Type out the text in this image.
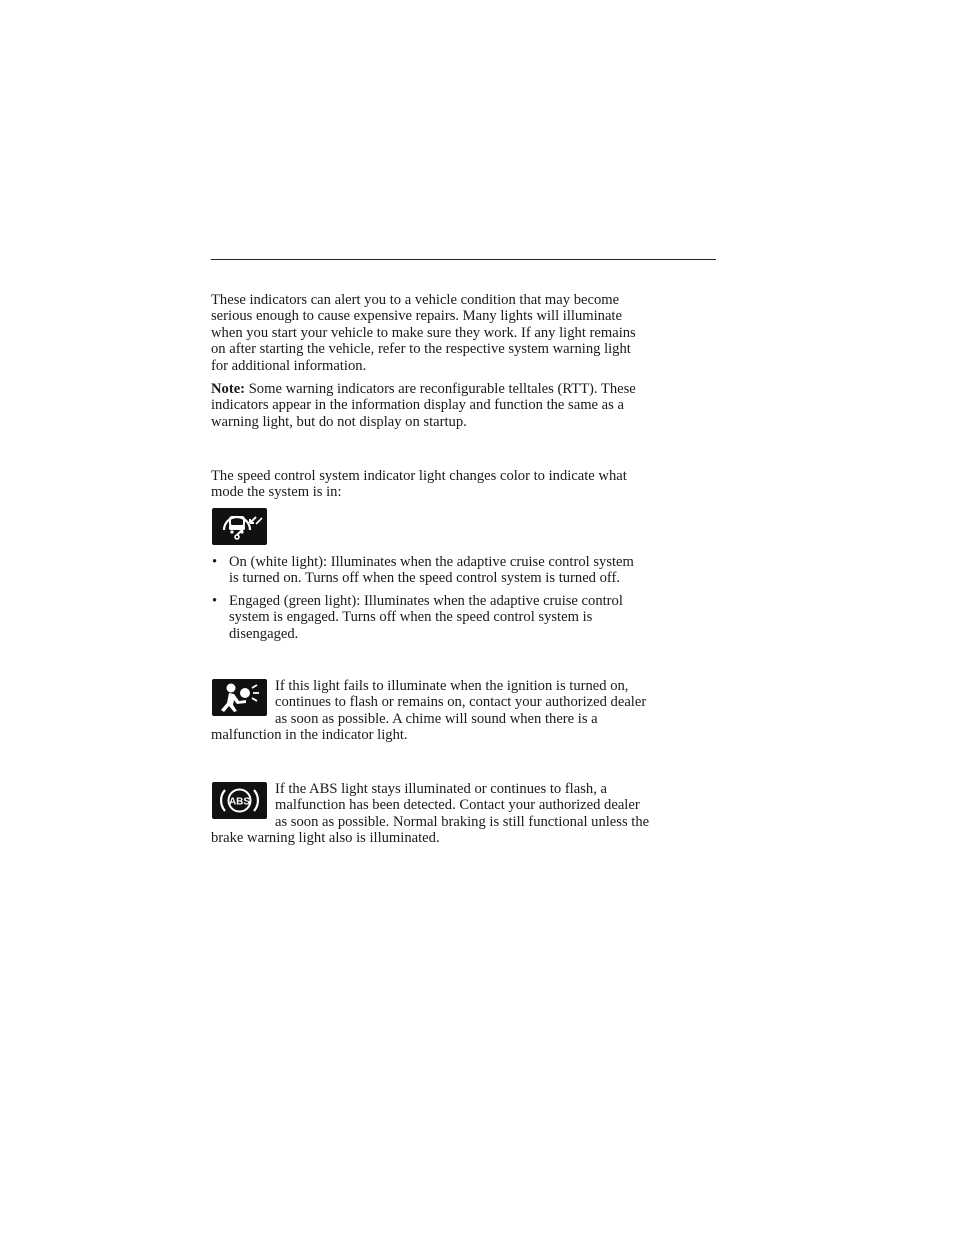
These indicators can alert you to a vehicle condition that may become
serious enough to cause expensive repairs. Many lights will illuminate
when you start your vehicle to make sure they work. If any light remains
on after starting the vehicle, refer to the respective system warning light
for additional information.

Note: Some warning indicators are reconfigurable telltales (RTT). These
indicators appear in the information display and function the same as a
warning light, but do not display on startup.

The speed control system indicator light changes color to indicate what
mode the system is in:

• On (white light): Illuminates when the adaptive cruise control system
is turned on. Turns off when the speed control system is turned off.

• Engaged (green light): Illuminates when the adaptive cruise control
system is engaged. Turns off when the speed control system is
disengaged.

If this light fails to illuminate when the ignition is turned on,
continues to flash or remains on, contact your authorized dealer
as soon as possible. A chime will sound when there is a
malfunction in the indicator light.

ABS

If the ABS light stays illuminated or continues to flash, a
malfunction has been detected. Contact your authorized dealer
as soon as possible. Normal braking is still functional unless the
brake warning light also is illuminated.
